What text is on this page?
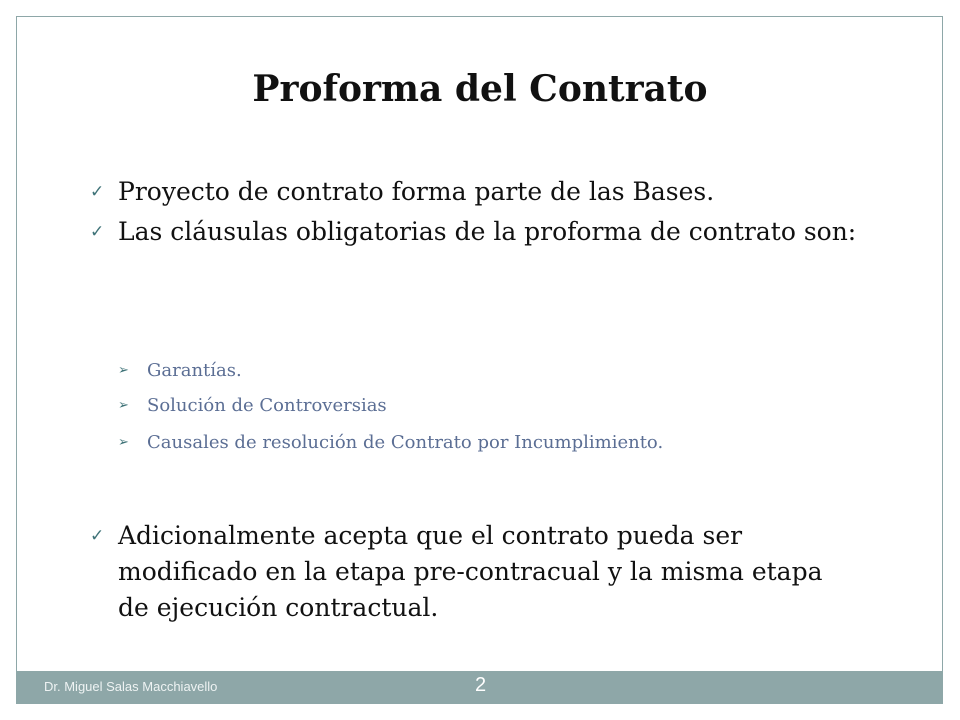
Proforma del Contrato
✓ Proyecto de contrato forma parte de las Bases.
✓ Las cláusulas obligatorias de la proforma de contrato son:
➢	Garantías.
➢	Solución de Controversias
➢	Causales de resolución de Contrato por Incumplimiento.
✓ Adicionalmente acepta que el contrato pueda ser modificado en la etapa pre-contracual y la misma etapa de ejecución contractual.
Dr. Miguel Salas Macchiavello	2
